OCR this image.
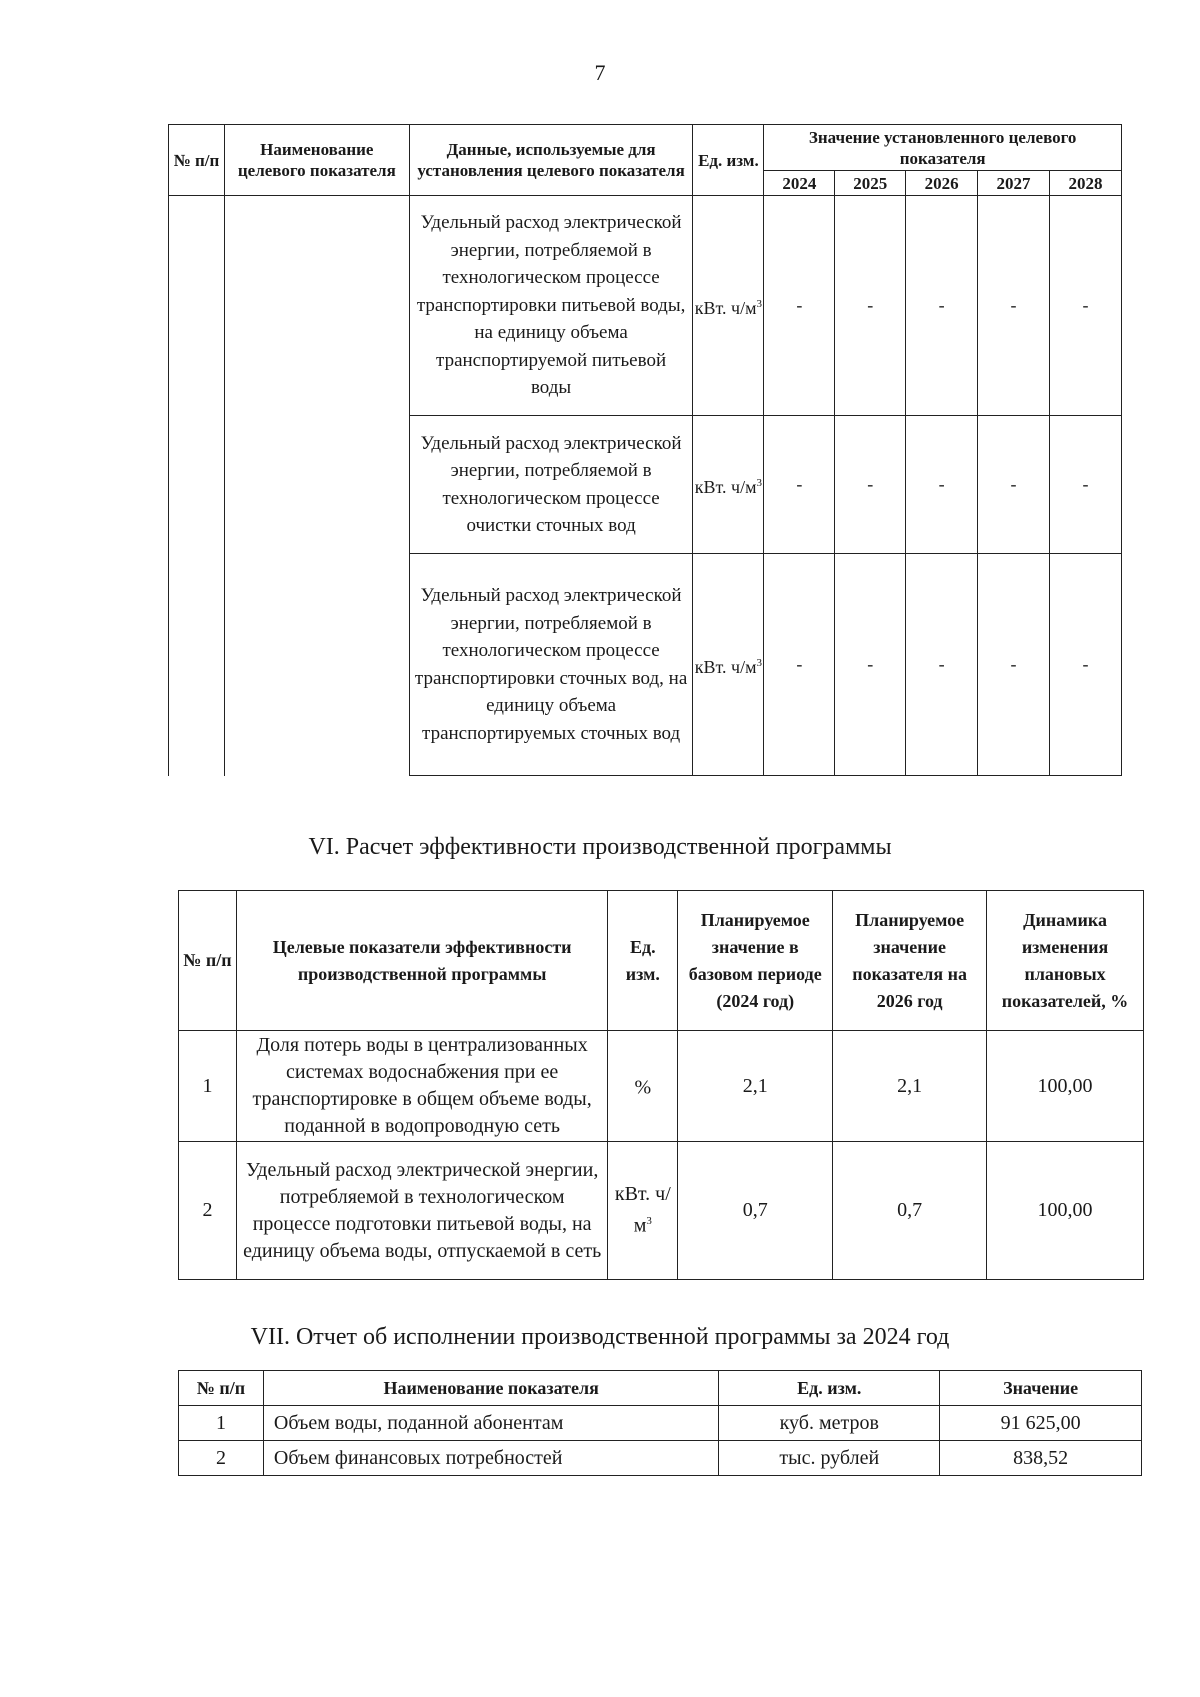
7
№ п/п	Наименование целевого показателя	Данные, используемые для установления целевого показателя	Ед. изм.	Значение установленного целевого показателя				
				2024	2025	2026	2027	2028
		Удельный расход электрической энергии, потребляемой в технологическом процессе транспортировки питьевой воды, на единицу объема транспортируемой питьевой воды	кВт. $ч/м^3$	-	-	-	-	-
		Удельный расход электрической энергии, потребляемой в технологическом процессе очистки сточных вод	кВт. $ч/м^3$	-	-	-	-	-
		Удельный расход электрической энергии, потребляемой в технологическом процессе транспортировки сточных вод, на единицу объема транспортируемых сточных вод	кВт. $ч/м^3$	-	-	-	-	-
VI. Расчет эффективности производственной программы
№ п/п	Целевые показатели эффективности производственной программы	Ед. изм.	Планируемое значение в базовом периоде (2024 год)	Планируемое значение показателя на 2026 год	Динамика изменения плановых показателей, %
1	Доля потерь воды в централизованных системах водоснабжения при ее транспортировке в общем объеме воды, поданной в водопроводную сеть	%	2,1	2,1	100,00
2	Удельный расход электрической энергии, потребляемой в технологическом процессе подготовки питьевой воды, на единицу объема воды, отпускаемой в сеть	кВт. $ч/м^3$	0,7	0,7	100,00
VII. Отчет об исполнении производственной программы за 2024 год
№ п/п	Наименование показателя	Ед. изм.	Значение
1	Объем воды, поданной абонентам	куб. метров	91 625,00
2	Объем финансовых потребностей	тыс. рублей	838,52
